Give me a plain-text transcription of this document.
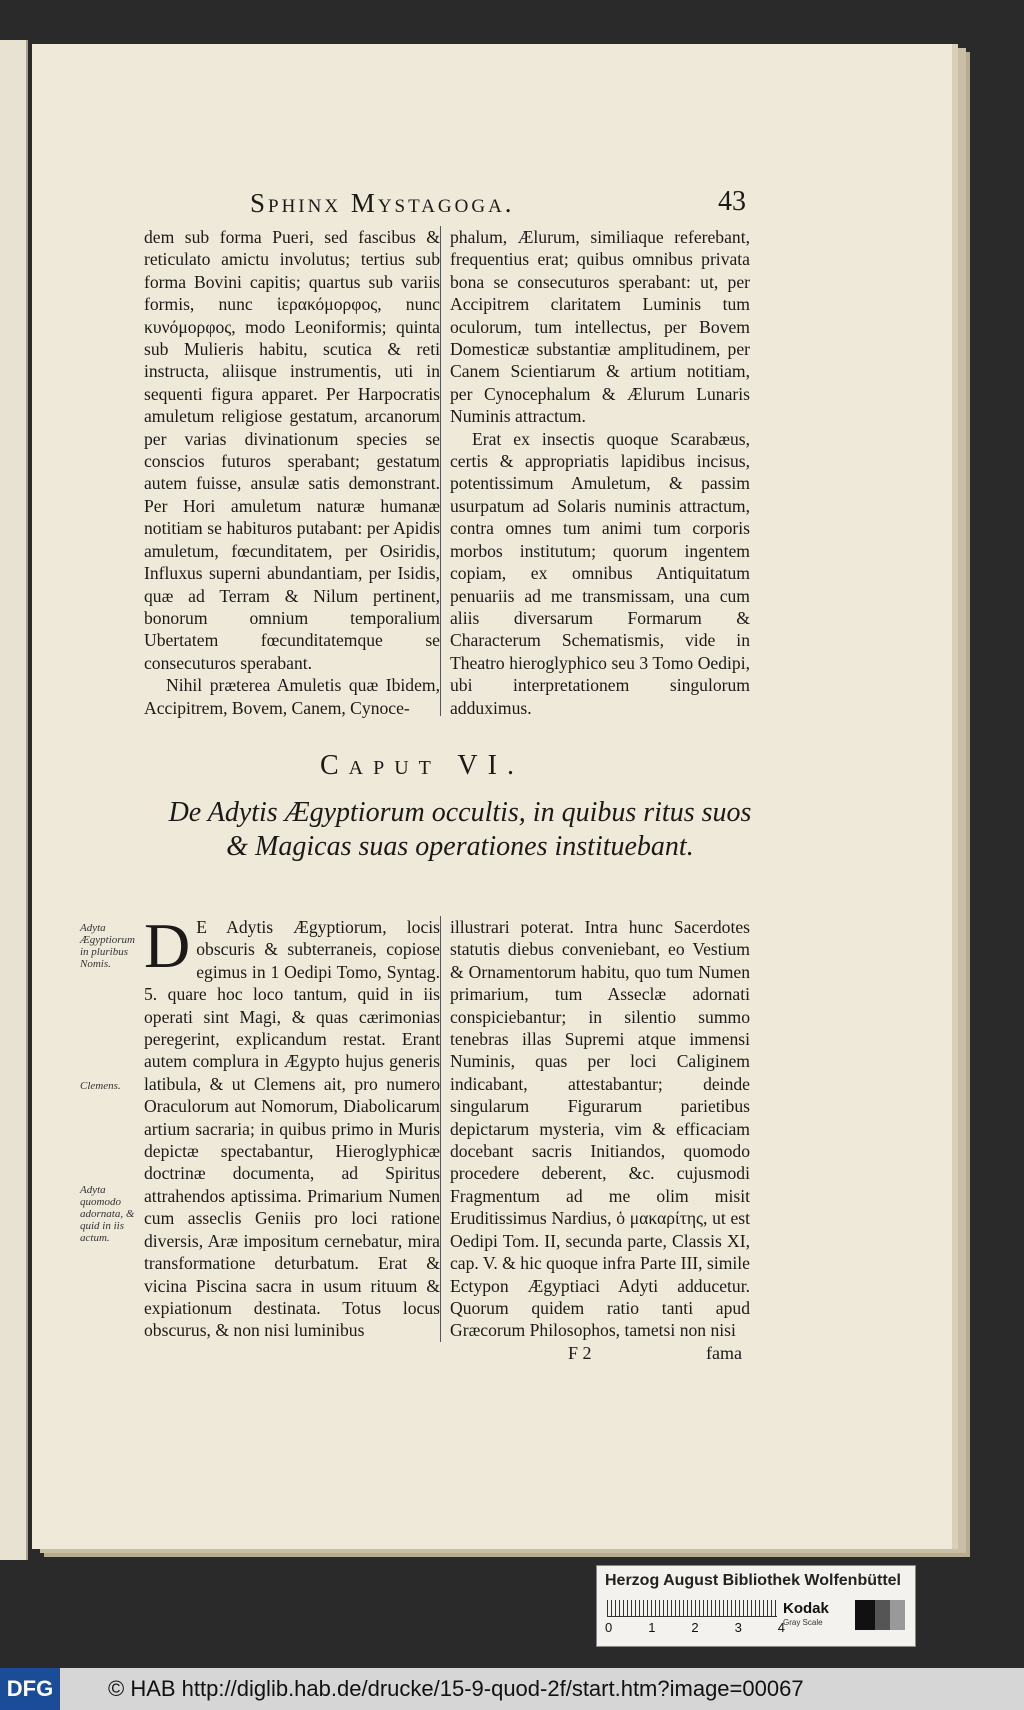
Sphinx Mystagoga.	43

dem sub forma Pueri, sed fascibus & reticulato amictu involutus; tertius sub forma Bovini capitis; quartus sub variis formis, nunc ἱερακόμορφος, nunc κυνόμορφος, modo Leoniformis; quinta sub Mulieris habitu, scutica & reti instructa, aliisque instrumentis, uti in sequenti figura apparet. Per Harpocratis amuletum religiose gestatum, arcanorum per varias divinationum species se conscios futuros sperabant; gestatum autem fuisse, ansulæ satis demonstrant. Per Hori amuletum naturæ humanæ notitiam se habituros putabant: per Apidis amuletum, fœcunditatem, per Osiridis, Influxus superni abundantiam, per Isidis, quæ ad Terram & Nilum pertinent, bonorum omnium temporalium Ubertatem fœcunditatemque se consecuturos sperabant.

Nihil præterea Amuletis quæ Ibidem, Accipitrem, Bovem, Canem, Cynoce-

phalum, Ælurum, similiaque referebant, frequentius erat; quibus omnibus privata bona se consecuturos sperabant: ut, per Accipitrem claritatem Luminis tum oculorum, tum intellectus, per Bovem Domesticæ substantiæ amplitudinem, per Canem Scientiarum & artium notitiam, per Cynocephalum & Ælurum Lunaris Numinis attractum.

Erat ex insectis quoque Scarabæus, certis & appropriatis lapidibus incisus, potentissimum Amuletum, & passim usurpatum ad Solaris numinis attractum, contra omnes tum animi tum corporis morbos institutum; quorum ingentem copiam, ex omnibus Antiquitatum penuariis ad me transmissam, una cum aliis diversarum Formarum & Characterum Schematismis, vide in Theatro hieroglyphico seu 3 Tomo Oedipi, ubi interpretationem singulorum adduximus.

Caput VI.
De Adytis Ægyptiorum occultis, in quibus ritus suos & Magicas suas operationes instituebant.
Adyta Ægyptiorum in pluribus Nomis.
Clemens.
Adyta quomodo adornata, & quid in iis actum.
D E Adytis Ægyptiorum, locis obscuris & subterraneis, copiose egimus in 1 Oedipi Tomo, Syntag. 5. quare hoc loco tantum, quid in iis operati sint Magi, & quas cærimonias peregerint, explicandum restat. Erant autem complura in Ægypto hujus generis latibula, & ut Clemens ait, pro numero Oraculorum aut Nomorum, Diabolicarum artium sacraria; in quibus primo in Muris depictæ spectabantur, Hieroglyphicæ doctrinæ documenta, ad Spiritus attrahendos aptissima. Primarium Numen cum asseclis Geniis pro loci ratione diversis, Aræ impositum cernebatur, mira transformatione deturbatum. Erat & vicina Piscina sacra in usum rituum & expiationum destinata. Totus locus obscurus, & non nisi luminibus

illustrari poterat. Intra hunc Sacerdotes statutis diebus conveniebant, eo Vestium & Ornamentorum habitu, quo tum Numen primarium, tum Asseclæ adornati conspiciebantur; in silentio summo tenebras illas Supremi atque immensi Numinis, quas per loci Caliginem indicabant, attestabantur; deinde singularum Figurarum parietibus depictarum mysteria, vim & efficaciam docebant sacris Initiandos, quomodo procedere deberent, &c. cujusmodi Fragmentum ad me olim misit Eruditissimus Nardius, ὁ μακαρίτης, ut est Oedipi Tom. II, secunda parte, Classis XI, cap. V. & hic quoque infra Parte III, simile Ectypon Ægyptiaci Adyti adducetur. Quorum quidem ratio tanti apud Græcorum Philosophos, tametsi non nisi

F 2	fama
Herzog August Bibliothek Wolfenbüttel
0	1	2	3	4
Kodak
Gray Scale
DFG	© HAB http://diglib.hab.de/drucke/15-9-quod-2f/start.htm?image=00067
